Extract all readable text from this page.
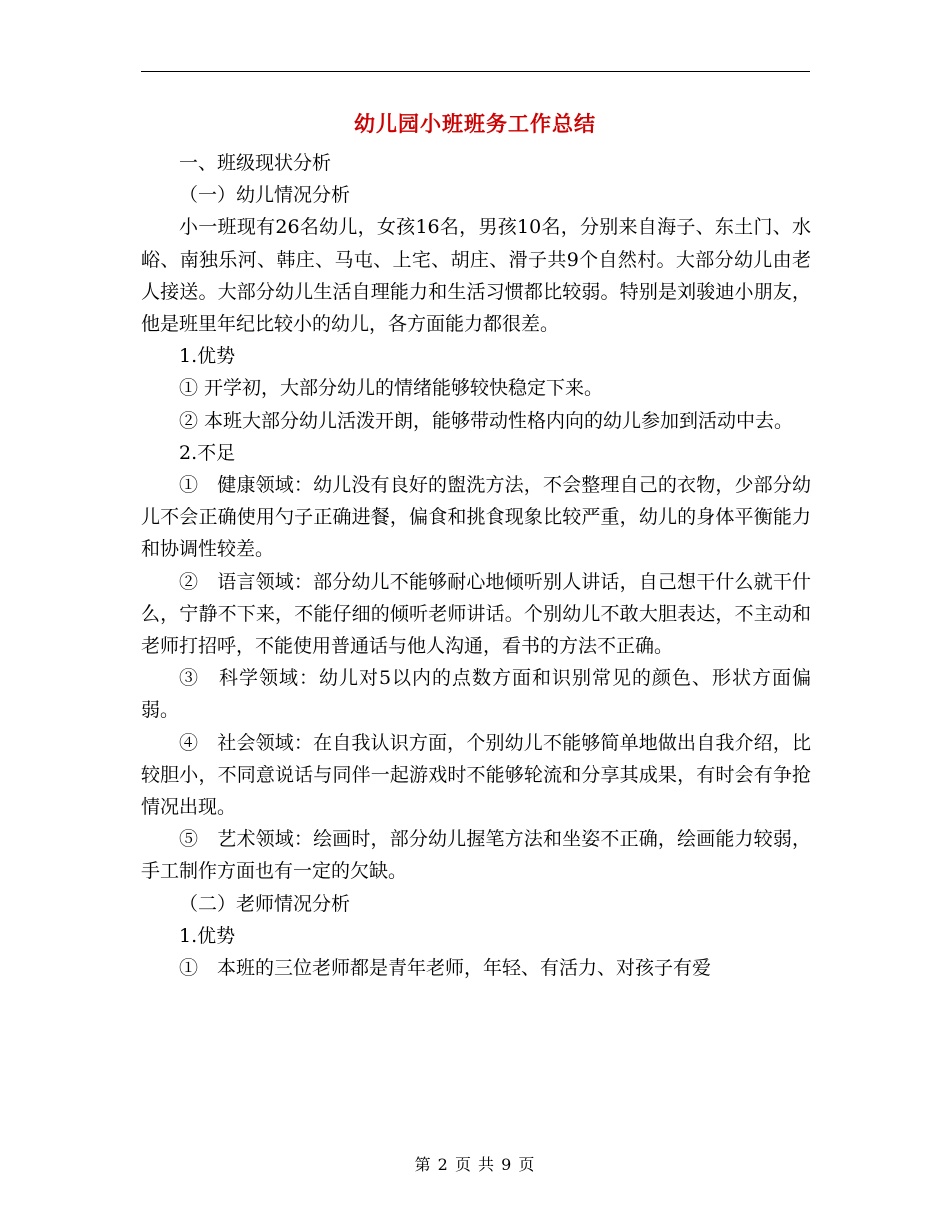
幼儿园小班班务工作总结

一、班级现状分析

（一）幼儿情况分析

小一班现有26名幼儿，女孩16名，男孩10名，分别来自海子、东土门、水峪、南独乐河、韩庄、马屯、上宅、胡庄、滑子共9个自然村。大部分幼儿由老人接送。大部分幼儿生活自理能力和生活习惯都比较弱。特别是刘骏迪小朋友，他是班里年纪比较小的幼儿，各方面能力都很差。

1.优势

① 开学初，大部分幼儿的情绪能够较快稳定下来。

② 本班大部分幼儿活泼开朗，能够带动性格内向的幼儿参加到活动中去。

2.不足

①　健康领域：幼儿没有良好的盥洗方法，不会整理自己的衣物，少部分幼儿不会正确使用勺子正确进餐，偏食和挑食现象比较严重，幼儿的身体平衡能力和协调性较差。

②　语言领域：部分幼儿不能够耐心地倾听别人讲话，自己想干什么就干什么，宁静不下来，不能仔细的倾听老师讲话。个别幼儿不敢大胆表达，不主动和老师打招呼，不能使用普通话与他人沟通，看书的方法不正确。

③　科学领域：幼儿对5以内的点数方面和识别常见的颜色、形状方面偏弱。

④　社会领域：在自我认识方面，个别幼儿不能够简单地做出自我介绍，比较胆小，不同意说话与同伴一起游戏时不能够轮流和分享其成果，有时会有争抢情况出现。

⑤　艺术领域：绘画时，部分幼儿握笔方法和坐姿不正确，绘画能力较弱，手工制作方面也有一定的欠缺。

（二）老师情况分析

1.优势

①　本班的三位老师都是青年老师，年轻、有活力、对孩子有爱

第 2 页 共 9 页
